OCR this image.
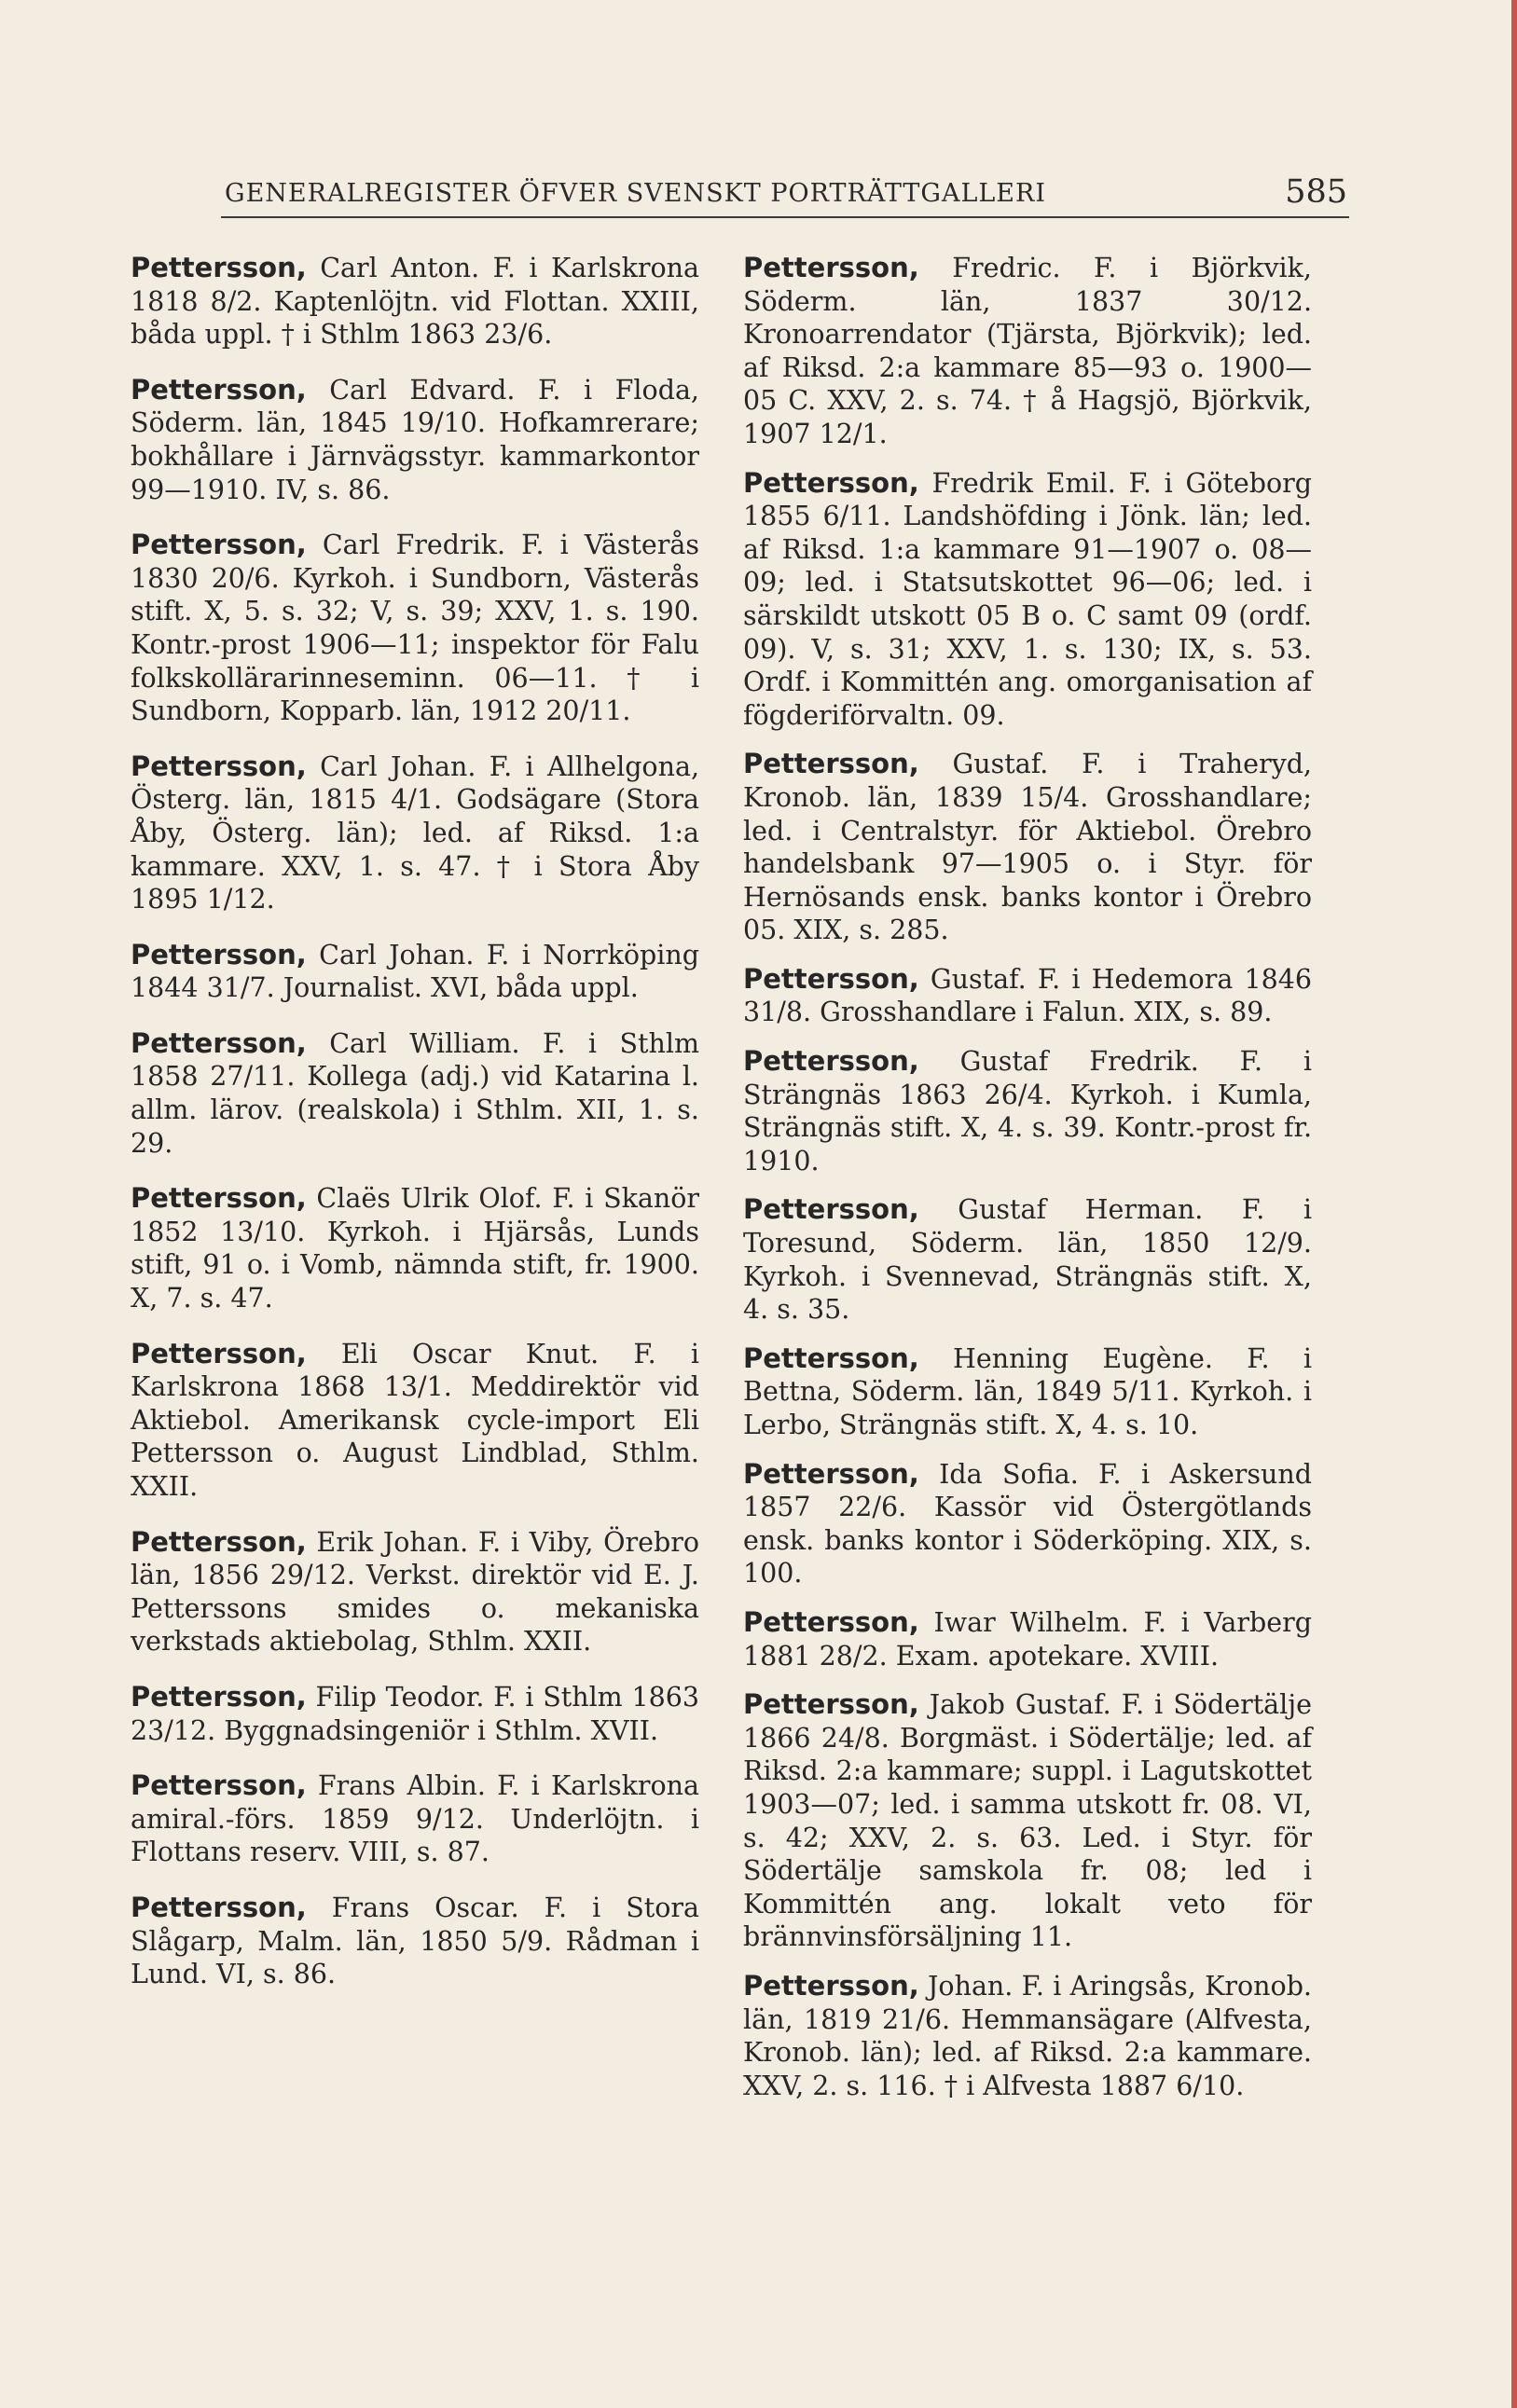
GENERALREGISTER ÖFVER SVENSKT PORTRÄTTGALLERI	585

Pettersson, Carl Anton. F. i Karlskrona 1818 8/2. Kaptenlöjtn. vid Flottan. XXIII, båda uppl. † i Sthlm 1863 23/6.

Pettersson, Carl Edvard. F. i Floda, Söderm. län, 1845 19/10. Hofkamrerare; bokhållare i Järnvägsstyr. kammarkontor 99—1910. IV, s. 86.

Pettersson, Carl Fredrik. F. i Västerås 1830 20/6. Kyrkoh. i Sundborn, Västerås stift. X, 5. s. 32; V, s. 39; XXV, 1. s. 190. Kontr.-prost 1906—11; inspektor för Falu folkskollärarinneseminn. 06—11. † i Sundborn, Kopparb. län, 1912 20/11.

Pettersson, Carl Johan. F. i Allhelgona, Österg. län, 1815 4/1. Godsägare (Stora Åby, Österg. län); led. af Riksd. 1:a kammare. XXV, 1. s. 47. † i Stora Åby 1895 1/12.

Pettersson, Carl Johan. F. i Norrköping 1844 31/7. Journalist. XVI, båda uppl.

Pettersson, Carl William. F. i Sthlm 1858 27/11. Kollega (adj.) vid Katarina l. allm. lärov. (realskola) i Sthlm. XII, 1. s. 29.

Pettersson, Claës Ulrik Olof. F. i Skanör 1852 13/10. Kyrkoh. i Hjärsås, Lunds stift, 91 o. i Vomb, nämnda stift, fr. 1900. X, 7. s. 47.

Pettersson, Eli Oscar Knut. F. i Karlskrona 1868 13/1. Meddirektör vid Aktiebol. Amerikansk cycle-import Eli Pettersson o. August Lindblad, Sthlm. XXII.

Pettersson, Erik Johan. F. i Viby, Örebro län, 1856 29/12. Verkst. direktör vid E. J. Petterssons smides o. mekaniska verkstads aktiebolag, Sthlm. XXII.

Pettersson, Filip Teodor. F. i Sthlm 1863 23/12. Byggnadsingeniör i Sthlm. XVII.

Pettersson, Frans Albin. F. i Karlskrona amiral.-förs. 1859 9/12. Underlöjtn. i Flottans reserv. VIII, s. 87.

Pettersson, Frans Oscar. F. i Stora Slågarp, Malm. län, 1850 5/9. Rådman i Lund. VI, s. 86.

Pettersson, Fredric. F. i Björkvik, Söderm. län, 1837 30/12. Kronoarrendator (Tjärsta, Björkvik); led. af Riksd. 2:a kammare 85—93 o. 1900—05 C. XXV, 2. s. 74. † å Hagsjö, Björkvik, 1907 12/1.

Pettersson, Fredrik Emil. F. i Göteborg 1855 6/11. Landshöfding i Jönk. län; led. af Riksd. 1:a kammare 91—1907 o. 08—09; led. i Statsutskottet 96—06; led. i särskildt utskott 05 B o. C samt 09 (ordf. 09). V, s. 31; XXV, 1. s. 130; IX, s. 53. Ordf. i Kommittén ang. omorganisation af fögderiförvaltn. 09.

Pettersson, Gustaf. F. i Traheryd, Kronob. län, 1839 15/4. Grosshandlare; led. i Centralstyr. för Aktiebol. Örebro handelsbank 97—1905 o. i Styr. för Hernösands ensk. banks kontor i Örebro 05. XIX, s. 285.

Pettersson, Gustaf. F. i Hedemora 1846 31/8. Grosshandlare i Falun. XIX, s. 89.

Pettersson, Gustaf Fredrik. F. i Strängnäs 1863 26/4. Kyrkoh. i Kumla, Strängnäs stift. X, 4. s. 39. Kontr.-prost fr. 1910.

Pettersson, Gustaf Herman. F. i Toresund, Söderm. län, 1850 12/9. Kyrkoh. i Svennevad, Strängnäs stift. X, 4. s. 35.

Pettersson, Henning Eugène. F. i Bettna, Söderm. län, 1849 5/11. Kyrkoh. i Lerbo, Strängnäs stift. X, 4. s. 10.

Pettersson, Ida Sofia. F. i Askersund 1857 22/6. Kassör vid Östergötlands ensk. banks kontor i Söderköping. XIX, s. 100.

Pettersson, Iwar Wilhelm. F. i Varberg 1881 28/2. Exam. apotekare. XVIII.

Pettersson, Jakob Gustaf. F. i Södertälje 1866 24/8. Borgmäst. i Södertälje; led. af Riksd. 2:a kammare; suppl. i Lagutskottet 1903—07; led. i samma utskott fr. 08. VI, s. 42; XXV, 2. s. 63. Led. i Styr. för Södertälje samskola fr. 08; led i Kommittén ang. lokalt veto för brännvinsförsäljning 11.

Pettersson, Johan. F. i Aringsås, Kronob. län, 1819 21/6. Hemmansägare (Alfvesta, Kronob. län); led. af Riksd. 2:a kammare. XXV, 2. s. 116. † i Alfvesta 1887 6/10.
